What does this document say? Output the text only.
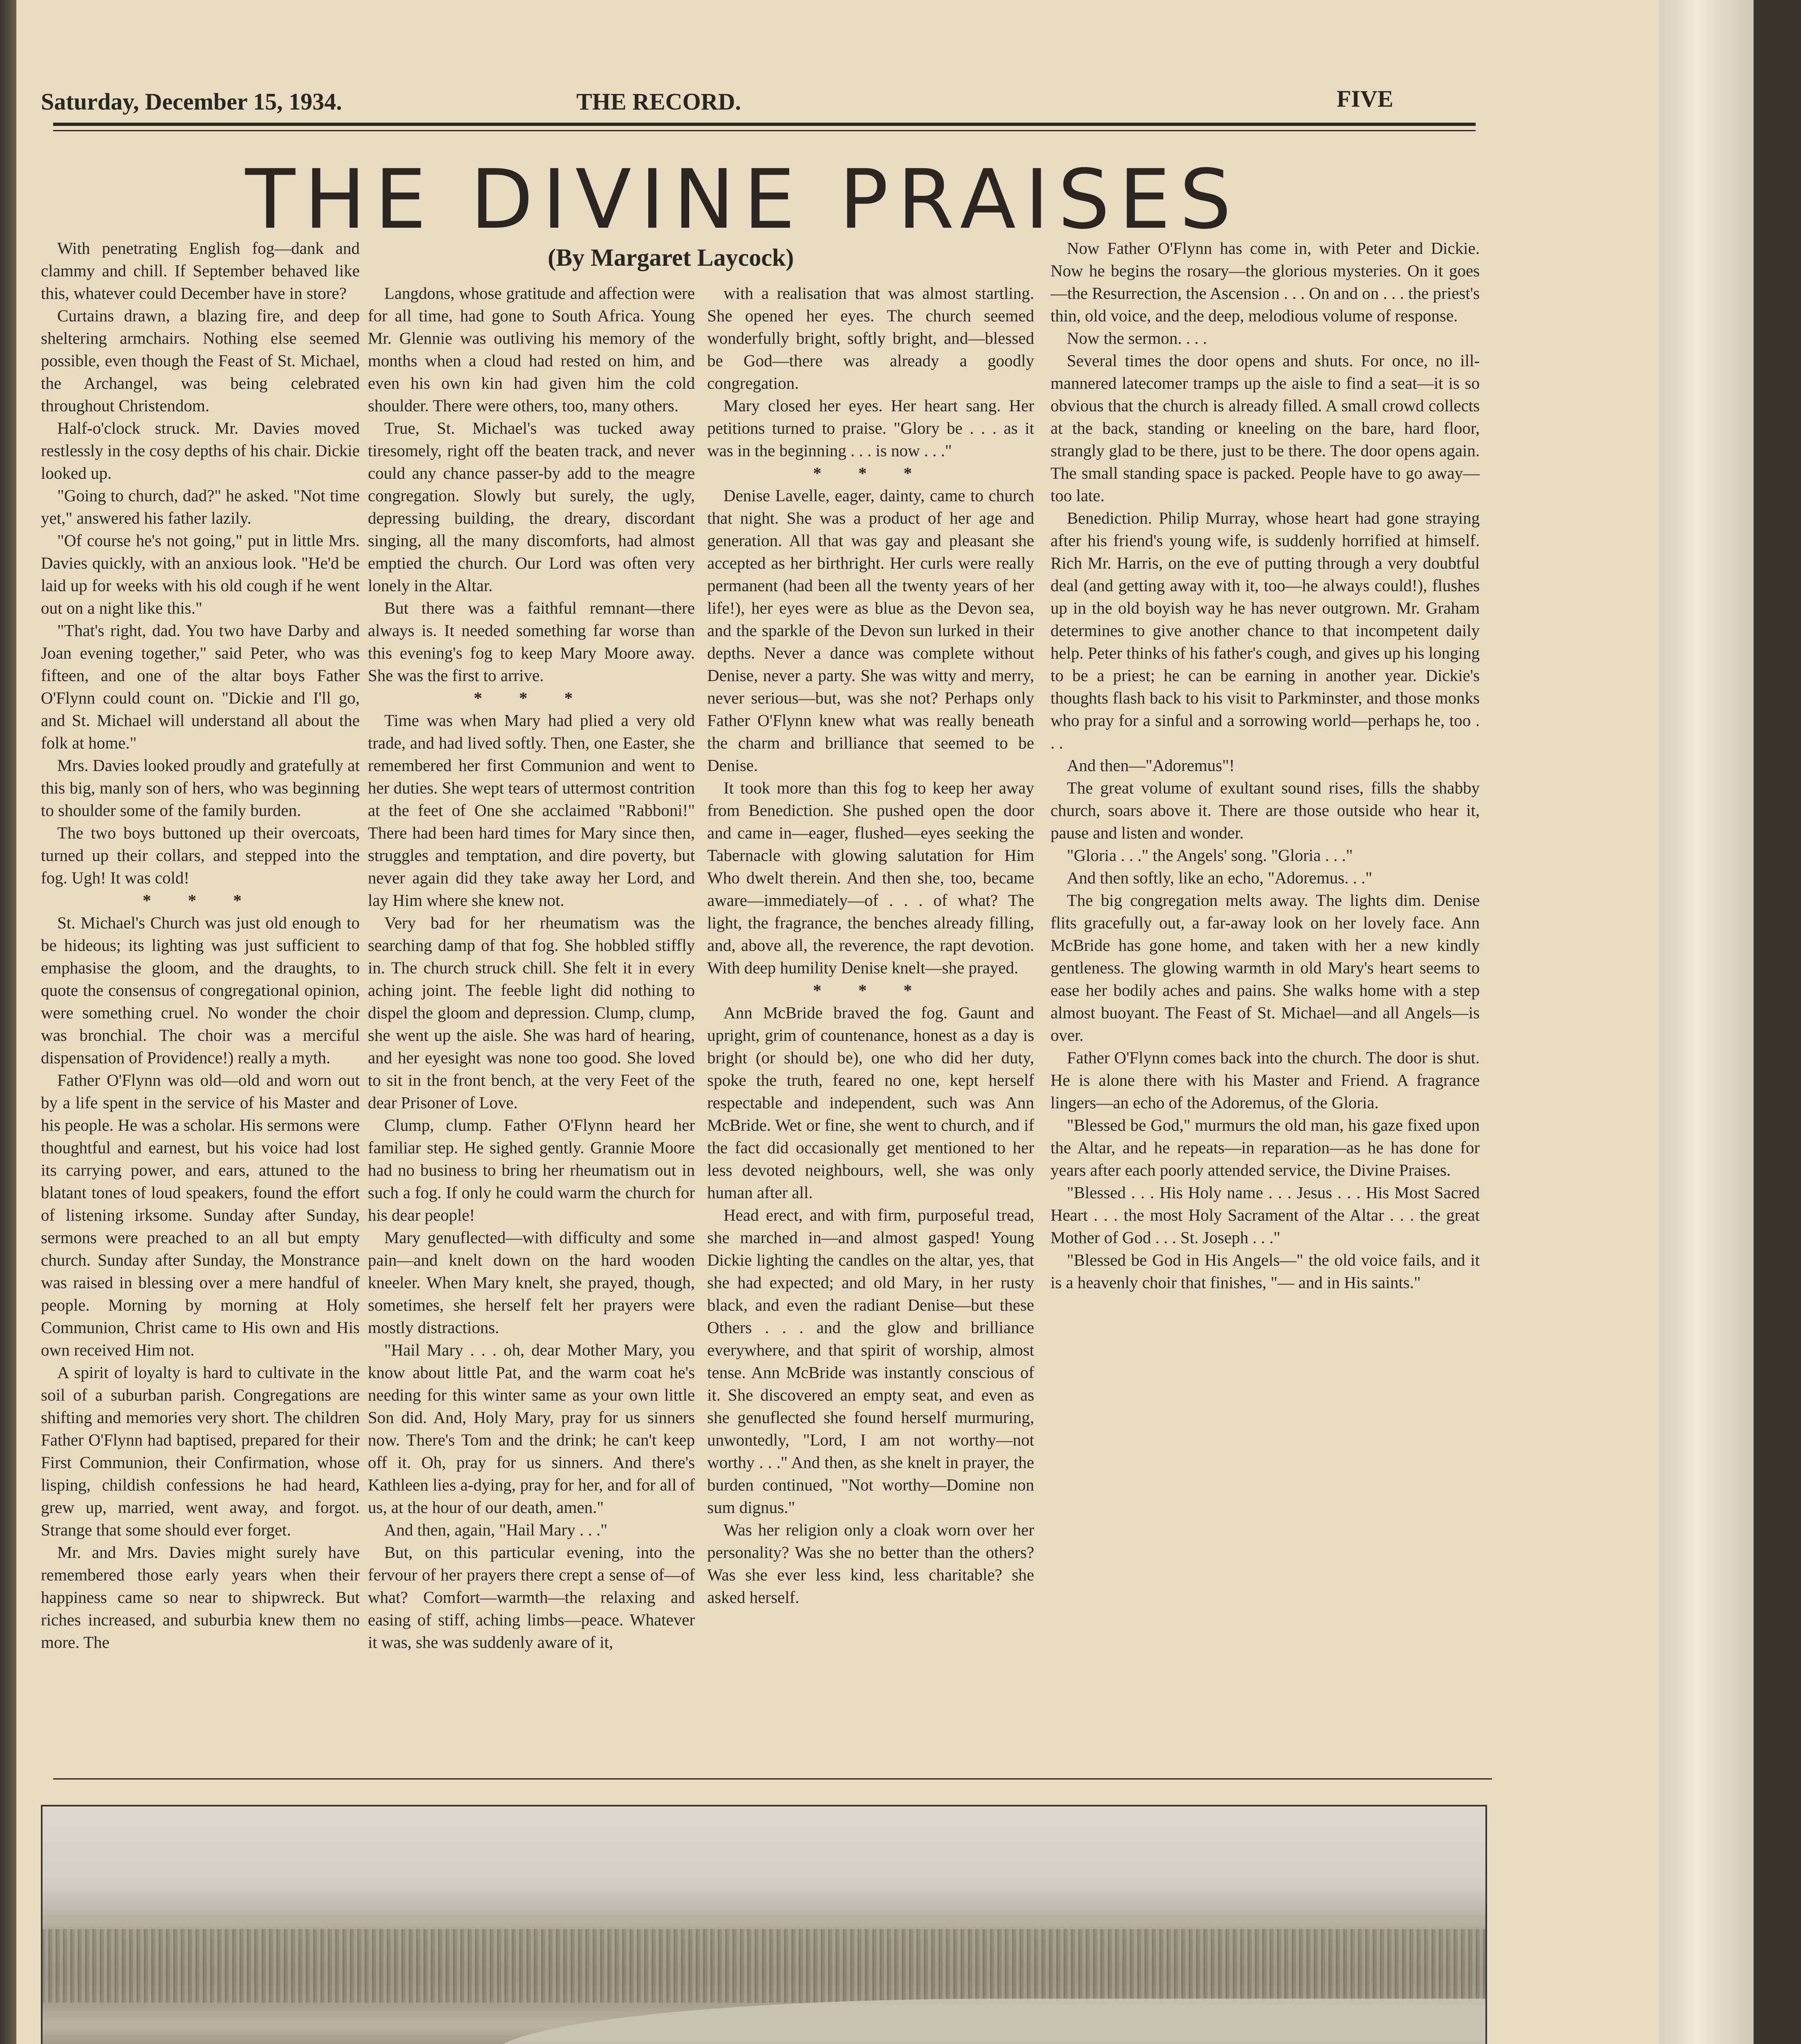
Saturday, December 15, 1934.	THE RECORD.	FIVE
THE DIVINE PRAISES
(By Margaret Laycock)

With penetrating English fog—dank and clammy and chill. If September behaved like this, whatever could December have in store?

Curtains drawn, a blazing fire, and deep sheltering armchairs. Nothing else seemed possible, even though the Feast of St. Michael, the Archangel, was being celebrated throughout Christendom.

Half-o'clock struck. Mr. Davies moved restlessly in the cosy depths of his chair. Dickie looked up.

"Going to church, dad?" he asked. "Not time yet," answered his father lazily.

"Of course he's not going," put in little Mrs. Davies quickly, with an anxious look. "He'd be laid up for weeks with his old cough if he went out on a night like this."

"That's right, dad. You two have Darby and Joan evening together," said Peter, who was fifteen, and one of the altar boys Father O'Flynn could count on. "Dickie and I'll go, and St. Michael will understand all about the folk at home."

Mrs. Davies looked proudly and gratefully at this big, manly son of hers, who was beginning to shoulder some of the family burden.

The two boys buttoned up their overcoats, turned up their collars, and stepped into the fog. Ugh! It was cold!

* * *

St. Michael's Church was just old enough to be hideous; its lighting was just sufficient to emphasise the gloom, and the draughts, to quote the consensus of congregational opinion, were something cruel. No wonder the choir was bronchial. The choir was a merciful dispensation of Providence!) really a myth.

Father O'Flynn was old—old and worn out by a life spent in the service of his Master and his people. He was a scholar. His sermons were thoughtful and earnest, but his voice had lost its carrying power, and ears, attuned to the blatant tones of loud speakers, found the effort of listening irksome. Sunday after Sunday, sermons were preached to an all but empty church. Sunday after Sunday, the Monstrance was raised in blessing over a mere handful of people. Morning by morning at Holy Communion, Christ came to His own and His own received Him not.

A spirit of loyalty is hard to cultivate in the soil of a suburban parish. Congregations are shifting and memories very short. The children Father O'Flynn had baptised, prepared for their First Communion, their Confirmation, whose lisping, childish confessions he had heard, grew up, married, went away, and forgot. Strange that some should ever forget.

Mr. and Mrs. Davies might surely have remembered those early years when their happiness came so near to shipwreck. But riches increased, and suburbia knew them no more. The

Langdons, whose gratitude and affection were for all time, had gone to South Africa. Young Mr. Glennie was outliving his memory of the months when a cloud had rested on him, and even his own kin had given him the cold shoulder. There were others, too, many others.

True, St. Michael's was tucked away tiresomely, right off the beaten track, and never could any chance passer-by add to the meagre congregation. Slowly but surely, the ugly, depressing building, the dreary, discordant singing, all the many discomforts, had almost emptied the church. Our Lord was often very lonely in the Altar.

But there was a faithful remnant—there always is. It needed something far worse than this evening's fog to keep Mary Moore away. She was the first to arrive.

* * *

Time was when Mary had plied a very old trade, and had lived softly. Then, one Easter, she remembered her first Communion and went to her duties. She wept tears of uttermost contrition at the feet of One she acclaimed "Rabboni!" There had been hard times for Mary since then, struggles and temptation, and dire poverty, but never again did they take away her Lord, and lay Him where she knew not.

Very bad for her rheumatism was the searching damp of that fog. She hobbled stiffly in. The church struck chill. She felt it in every aching joint. The feeble light did nothing to dispel the gloom and depression. Clump, clump, she went up the aisle. She was hard of hearing, and her eyesight was none too good. She loved to sit in the front bench, at the very Feet of the dear Prisoner of Love.

Clump, clump. Father O'Flynn heard her familiar step. He sighed gently. Grannie Moore had no business to bring her rheumatism out in such a fog. If only he could warm the church for his dear people!

Mary genuflected—with difficulty and some pain—and knelt down on the hard wooden kneeler. When Mary knelt, she prayed, though, sometimes, she herself felt her prayers were mostly distractions.

"Hail Mary . . . oh, dear Mother Mary, you know about little Pat, and the warm coat he's needing for this winter same as your own little Son did. And, Holy Mary, pray for us sinners now. There's Tom and the drink; he can't keep off it. Oh, pray for us sinners. And there's Kathleen lies a-dying, pray for her, and for all of us, at the hour of our death, amen."

And then, again, "Hail Mary . . ."

But, on this particular evening, into the fervour of her prayers there crept a sense of—of what? Comfort—warmth—the relaxing and easing of stiff, aching limbs—peace. Whatever it was, she was suddenly aware of it,

with a realisation that was almost startling. She opened her eyes. The church seemed wonderfully bright, softly bright, and—blessed be God—there was already a goodly congregation.

Mary closed her eyes. Her heart sang. Her petitions turned to praise. "Glory be . . . as it was in the beginning . . . is now . . ."

* * *

Denise Lavelle, eager, dainty, came to church that night. She was a product of her age and generation. All that was gay and pleasant she accepted as her birthright. Her curls were really permanent (had been all the twenty years of her life!), her eyes were as blue as the Devon sea, and the sparkle of the Devon sun lurked in their depths. Never a dance was complete without Denise, never a party. She was witty and merry, never serious—but, was she not? Perhaps only Father O'Flynn knew what was really beneath the charm and brilliance that seemed to be Denise.

It took more than this fog to keep her away from Benediction. She pushed open the door and came in—eager, flushed—eyes seeking the Tabernacle with glowing salutation for Him Who dwelt therein. And then she, too, became aware—immediately—of . . . of what? The light, the fragrance, the benches already filling, and, above all, the reverence, the rapt devotion. With deep humility Denise knelt—she prayed.

* * *

Ann McBride braved the fog. Gaunt and upright, grim of countenance, honest as a day is bright (or should be), one who did her duty, spoke the truth, feared no one, kept herself respectable and independent, such was Ann McBride. Wet or fine, she went to church, and if the fact did occasionally get mentioned to her less devoted neighbours, well, she was only human after all.

Head erect, and with firm, purposeful tread, she marched in—and almost gasped! Young Dickie lighting the candles on the altar, yes, that she had expected; and old Mary, in her rusty black, and even the radiant Denise—but these Others . . . and the glow and brilliance everywhere, and that spirit of worship, almost tense. Ann McBride was instantly conscious of it. She discovered an empty seat, and even as she genuflected she found herself murmuring, unwontedly, "Lord, I am not worthy—not worthy . . ." And then, as she knelt in prayer, the burden continued, "Not worthy—Domine non sum dignus."

Was her religion only a cloak worn over her personality? Was she no better than the others? Was she ever less kind, less charitable? she asked herself.

Now Father O'Flynn has come in, with Peter and Dickie. Now he begins the rosary—the glorious mysteries. On it goes—the Resurrection, the Ascension . . . On and on . . . the priest's thin, old voice, and the deep, melodious volume of response.

Now the sermon. . . .

Several times the door opens and shuts. For once, no ill-mannered latecomer tramps up the aisle to find a seat—it is so obvious that the church is already filled. A small crowd collects at the back, standing or kneeling on the bare, hard floor, strangly glad to be there, just to be there. The door opens again. The small standing space is packed. People have to go away—too late.

Benediction. Philip Murray, whose heart had gone straying after his friend's young wife, is suddenly horrified at himself. Rich Mr. Harris, on the eve of putting through a very doubtful deal (and getting away with it, too—he always could!), flushes up in the old boyish way he has never outgrown. Mr. Graham determines to give another chance to that incompetent daily help. Peter thinks of his father's cough, and gives up his longing to be a priest; he can be earning in another year. Dickie's thoughts flash back to his visit to Parkminster, and those monks who pray for a sinful and a sorrowing world—perhaps he, too . . .

And then—"Adoremus"!

The great volume of exultant sound rises, fills the shabby church, soars above it. There are those outside who hear it, pause and listen and wonder.

"Gloria . . ." the Angels' song. "Gloria . . ."

And then softly, like an echo, "Adoremus. . ."

The big congregation melts away. The lights dim. Denise flits gracefully out, a far-away look on her lovely face. Ann McBride has gone home, and taken with her a new kindly gentleness. The glowing warmth in old Mary's heart seems to ease her bodily aches and pains. She walks home with a step almost buoyant. The Feast of St. Michael—and all Angels—is over.

Father O'Flynn comes back into the church. The door is shut. He is alone there with his Master and Friend. A fragrance lingers—an echo of the Adoremus, of the Gloria.

"Blessed be God," murmurs the old man, his gaze fixed upon the Altar, and he repeats—in reparation—as he has done for years after each poorly attended service, the Divine Praises.

"Blessed . . . His Holy name . . . Jesus . . . His Most Sacred Heart . . . the most Holy Sacrament of the Altar . . . the great Mother of God . . . St. Joseph . . ."

"Blessed be God in His Angels—" the old voice fails, and it is a heavenly choir that finishes, "— and in His saints."
